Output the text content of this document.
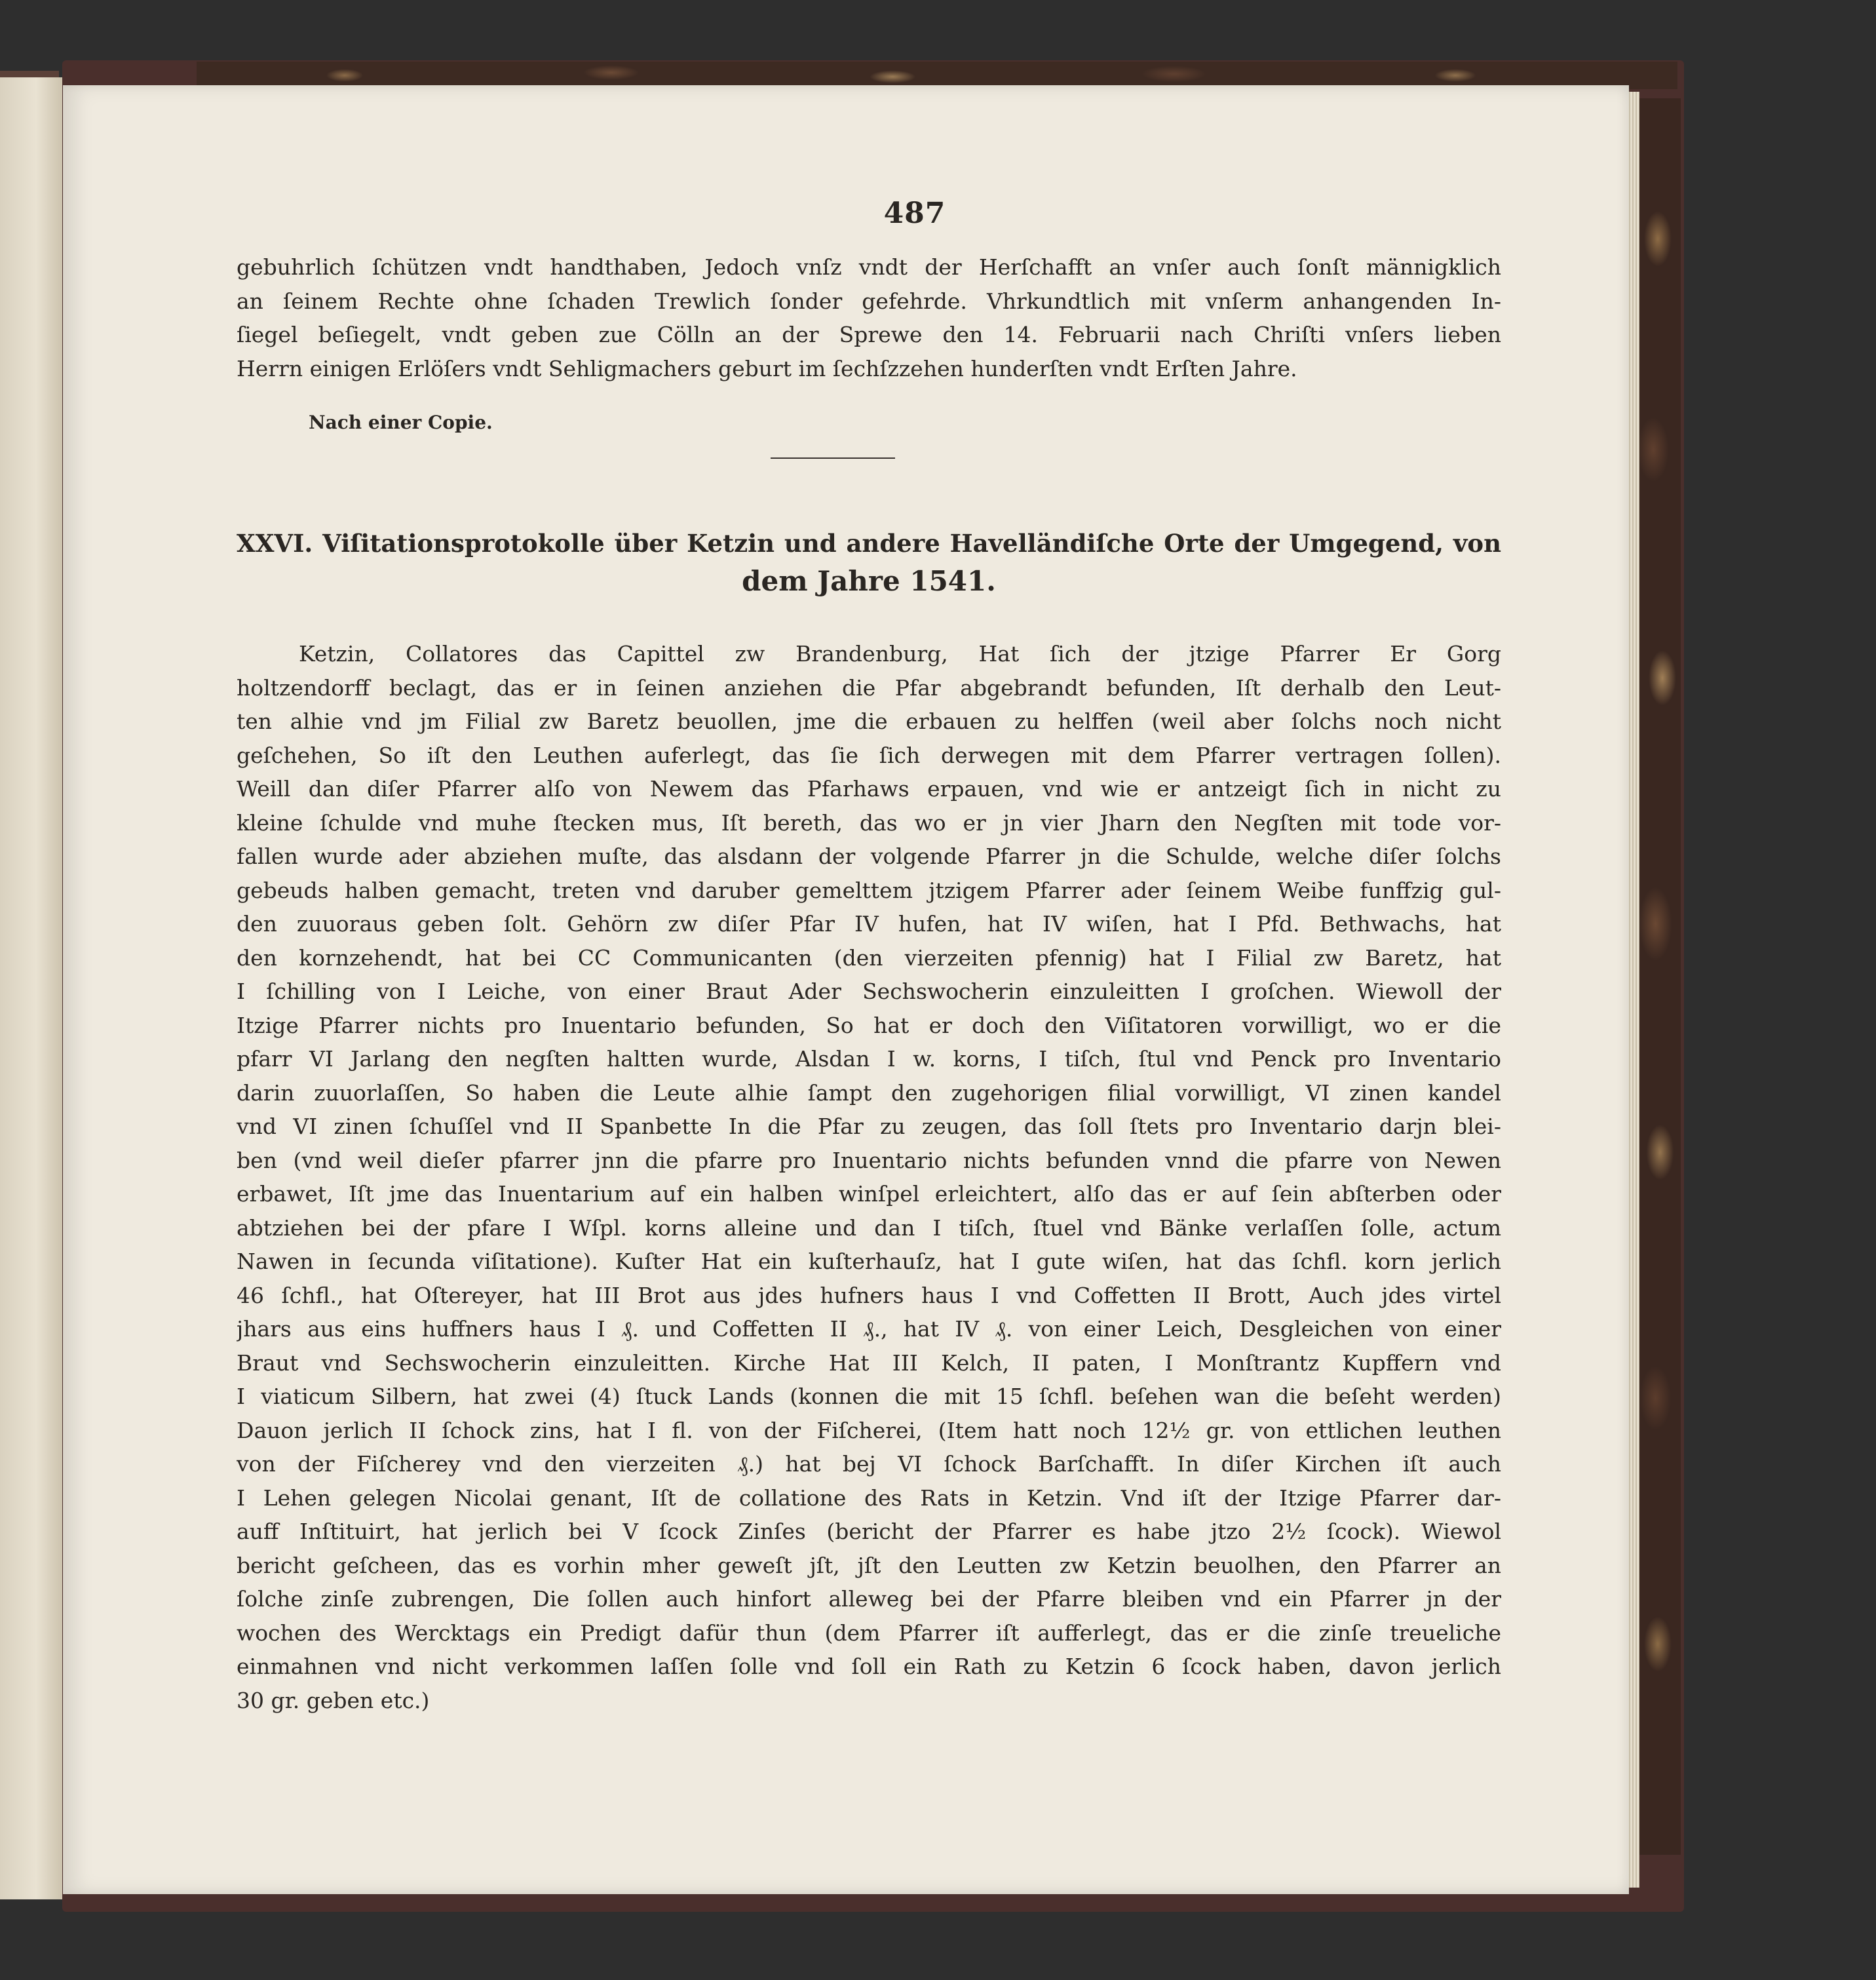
487
gebuhrlich ſchützen vndt handthaben, Jedoch vnſz vndt der Herſchafft an vnſer auch ſonſt männigklich
an ſeinem Rechte ohne ſchaden Trewlich ſonder gefehrde. Vhrkundtlich mit vnſerm anhangenden In-
ſiegel beſiegelt, vndt geben zue Cölln an der Sprewe den 14. Februarii nach Chriſti vnſers lieben
Herrn einigen Erlöſers vndt Sehligmachers geburt im ſechſzzehen hunderſten vndt Erſten Jahre.
Nach einer Copie.
XXVI. Viſitationsprotokolle über Ketzin und andere Havelländiſche Orte der Umgegend, von
dem Jahre 1541.
Ketzin, Collatores das Capittel zw Brandenburg, Hat ſich der jtzige Pfarrer Er Gorg
holtzendorff beclagt, das er in ſeinen anziehen die Pfar abgebrandt befunden, Iſt derhalb den Leut-
ten alhie vnd jm Filial zw Baretz beuollen, jme die erbauen zu helffen (weil aber ſolchs noch nicht
geſchehen, So iſt den Leuthen auferlegt, das ſie ſich derwegen mit dem Pfarrer vertragen ſollen).
Weill dan diſer Pfarrer alſo von Newem das Pfarhaws erpauen, vnd wie er antzeigt ſich in nicht zu
kleine ſchulde vnd muhe ſtecken mus, Iſt bereth, das wo er jn vier Jharn den Negſten mit tode vor-
fallen wurde ader abziehen muſte, das alsdann der volgende Pfarrer jn die Schulde, welche diſer ſolchs
gebeuds halben gemacht, treten vnd daruber gemelttem jtzigem Pfarrer ader ſeinem Weibe funffzig gul-
den zuuoraus geben ſolt. Gehörn zw diſer Pfar IV hufen, hat IV wiſen, hat I Pfd. Bethwachs, hat
den kornzehendt, hat bei CC Communicanten (den vierzeiten pfennig) hat I Filial zw Baretz, hat
I ſchilling von I Leiche, von einer Braut Ader Sechswocherin einzuleitten I groſchen. Wiewoll der
Itzige Pfarrer nichts pro Inuentario befunden, So hat er doch den Viſitatoren vorwilligt, wo er die
pfarr VI Jarlang den negſten haltten wurde, Alsdan I w. korns, I tiſch, ſtul vnd Penck pro Inventario
darin zuuorlaſſen, So haben die Leute alhie ſampt den zugehorigen filial vorwilligt, VI zinen kandel
vnd VI zinen ſchuſſel vnd II Spanbette In die Pfar zu zeugen, das ſoll ſtets pro Inventario darjn blei-
ben (vnd weil dieſer pfarrer jnn die pfarre pro Inuentario nichts befunden vnnd die pfarre von Newen
erbawet, Iſt jme das Inuentarium auf ein halben winſpel erleichtert, alſo das er auf ſein abſterben oder
abtziehen bei der pfare I Wſpl. korns alleine und dan I tiſch, ſtuel vnd Bänke verlaſſen ſolle, actum
Nawen in ſecunda viſitatione). Kuſter Hat ein kuſterhauſz, hat I gute wiſen, hat das ſchfl. korn jerlich
46 ſchfl., hat Oſtereyer, hat III Brot aus jdes hufners haus I vnd Coffetten II Brott, Auch jdes virtel
jhars aus eins huffners haus I ₰. und Coffetten II ₰., hat IV ₰. von einer Leich, Desgleichen von einer
Braut vnd Sechswocherin einzuleitten. Kirche Hat III Kelch, II paten, I Monſtrantz Kupffern vnd
I viaticum Silbern, hat zwei (4) ſtuck Lands (konnen die mit 15 ſchfl. beſehen wan die beſeht werden)
Dauon jerlich II ſchock zins, hat I fl. von der Fiſcherei, (Item hatt noch 12½ gr. von ettlichen leuthen
von der Fiſcherey vnd den vierzeiten ₰.) hat bej VI ſchock Barſchafft. In diſer Kirchen iſt auch
I Lehen gelegen Nicolai genant, Iſt de collatione des Rats in Ketzin. Vnd iſt der Itzige Pfarrer dar-
auff Inſtituirt, hat jerlich bei V ſcock Zinſes (bericht der Pfarrer es habe jtzo 2½ ſcock). Wiewol
bericht geſcheen, das es vorhin mher geweſt jſt, jſt den Leutten zw Ketzin beuolhen, den Pfarrer an
ſolche zinſe zubrengen, Die ſollen auch hinfort alleweg bei der Pfarre bleiben vnd ein Pfarrer jn der
wochen des Wercktags ein Predigt dafür thun (dem Pfarrer iſt aufferlegt, das er die zinſe treueliche
einmahnen vnd nicht verkommen laſſen ſolle vnd ſoll ein Rath zu Ketzin 6 ſcock haben, davon jerlich
30 gr. geben etc.)
